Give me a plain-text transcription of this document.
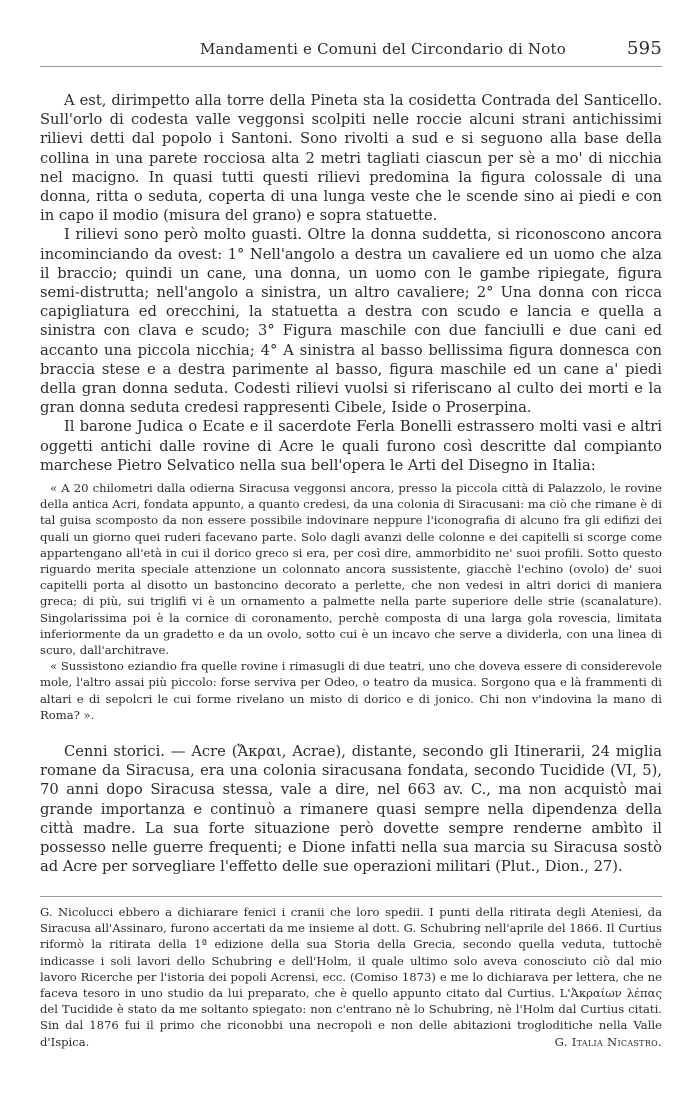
Mandamenti e Comuni del Circondario di Noto	595

A est, dirimpetto alla torre della Pineta sta la cosidetta Contrada del Santicello. Sull'orlo di codesta valle veggonsi scolpiti nelle roccie alcuni strani antichissimi rilievi detti dal popolo i Santoni. Sono rivolti a sud e si seguono alla base della collina in una parete rocciosa alta 2 metri tagliati ciascun per sè a mo' di nicchia nel macigno. In quasi tutti questi rilievi predomina la figura colossale di una donna, ritta o seduta, coperta di una lunga veste che le scende sino ai piedi e con in capo il modio (misura del grano) e sopra statuette.

I rilievi sono però molto guasti. Oltre la donna suddetta, si riconoscono ancora incominciando da ovest: 1° Nell'angolo a destra un cavaliere ed un uomo che alza il braccio; quindi un cane, una donna, un uomo con le gambe ripiegate, figura semi-distrutta; nell'angolo a sinistra, un altro cavaliere; 2° Una donna con ricca capigliatura ed orecchini, la statuetta a destra con scudo e lancia e quella a sinistra con clava e scudo; 3° Figura maschile con due fanciulli e due cani ed accanto una piccola nicchia; 4° A sinistra al basso bellissima figura donnesca con braccia stese e a destra parimente al basso, figura maschile ed un cane a' piedi della gran donna seduta. Codesti rilievi vuolsi si riferiscano al culto dei morti e la gran donna seduta credesi rappresenti Cibele, Iside o Proserpina.

Il barone Judica o Ecate e il sacerdote Ferla Bonelli estrassero molti vasi e altri oggetti antichi dalle rovine di Acre le quali furono così descritte dal compianto marchese Pietro Selvatico nella sua bell'opera le Arti del Disegno in Italia:

« A 20 chilometri dalla odierna Siracusa veggonsi ancora, presso la piccola città di Palazzolo, le rovine della antica Acri, fondata appunto, a quanto credesi, da una colonia di Siracusani: ma ciò che rimane è di tal guisa scomposto da non essere possibile indovinare neppure l'iconografia di alcuno fra gli edifizi dei quali un giorno quei ruderi facevano parte. Solo dagli avanzi delle colonne e dei capitelli si scorge come appartengano all'età in cui il dorico greco si era, per così dire, ammorbidito ne' suoi profili. Sotto questo riguardo merita speciale attenzione un colonnato ancora sussistente, giacchè l'echino (ovolo) de' suoi capitelli porta al disotto un bastoncino decorato a perlette, che non vedesi in altri dorici di maniera greca; di più, sui triglifi vi è un ornamento a palmette nella parte superiore delle strie (scanalature). Singolarissima poi è la cornice di coronamento, perchè composta di una larga gola rovescia, limitata inferiormente da un gradetto e da un ovolo, sotto cui è un incavo che serve a dividerla, con una linea di scuro, dall'architrave.

« Sussistono eziandio fra quelle rovine i rimasugli di due teatri, uno che doveva essere di considerevole mole, l'altro assai più piccolo: forse serviva per Odeo, o teatro da musica. Sorgono qua e là frammenti di altari e di sepolcri le cui forme rivelano un misto di dorico e di jonico. Chi non v'indovina la mano di Roma? ».

Cenni storici. — Acre (Ἄκραι, Acrae), distante, secondo gli Itinerarii, 24 miglia romane da Siracusa, era una colonia siracusana fondata, secondo Tucidide (VI, 5), 70 anni dopo Siracusa stessa, vale a dire, nel 663 av. C., ma non acquistò mai grande importanza e continuò a rimanere quasi sempre nella dipendenza della città madre. La sua forte situazione però dovette sempre renderne ambìto il possesso nelle guerre frequenti; e Dione infatti nella sua marcia su Siracusa sostò ad Acre per sorvegliare l'effetto delle sue operazioni militari (Plut., Dion., 27).

G. Nicolucci ebbero a dichiarare fenici i cranii che loro spedii. I punti della ritirata degli Ateniesi, da Siracusa all'Assinaro, furono accertati da me insieme al dott. G. Schubring nell'aprile del 1866. Il Curtius riformò la ritirata della 1ª edizione della sua Storia della Grecia, secondo quella veduta, tuttochè indicasse i soli lavori dello Schubring e dell'Holm, il quale ultimo solo aveva conosciuto ciò dal mio lavoro Ricerche per l'istoria dei popoli Acrensi, ecc. (Comiso 1873) e me lo dichiarava per lettera, che ne faceva tesoro in uno studio da lui preparato, che è quello appunto citato dal Curtius. L'Ἀκραίων λέπας del Tucidide è stato da me soltanto spiegato: non c'entrano nè lo Schubring, nè l'Holm dal Curtius citati. Sin dal 1876 fui il primo che riconobbi una necropoli e non delle abitazioni trogloditiche nella Valle d'Ispica.	G. Italia Nicastro.
